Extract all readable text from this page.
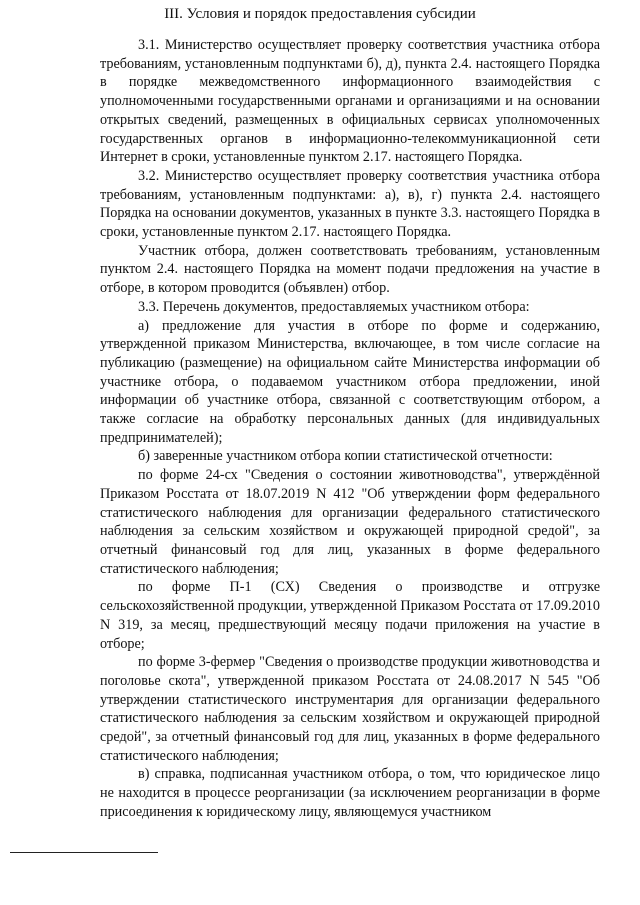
III. Условия и порядок предоставления субсидии

3.1. Министерство осуществляет проверку соответствия участника отбора требованиям, установленным подпунктами б), д), пункта 2.4. настоящего Порядка в порядке межведомственного информационного взаимодействия с уполномоченными государственными органами и организациями и на основании открытых сведений, размещенных в официальных сервисах уполномоченных государственных органов в информационно-телекоммуникационной сети Интернет в сроки, установленные пунктом 2.17. настоящего Порядка.

3.2. Министерство осуществляет проверку соответствия участника отбора требованиям, установленным подпунктами: а), в), г) пункта 2.4. настоящего Порядка на основании документов, указанных в пункте 3.3. настоящего Порядка в сроки, установленные пунктом 2.17. настоящего Порядка.

Участник отбора, должен соответствовать требованиям, установленным пунктом 2.4. настоящего Порядка на момент подачи предложения на участие в отборе, в котором проводится (объявлен) отбор.

3.3. Перечень документов, предоставляемых участником отбора:

а) предложение для участия в отборе по форме и содержанию, утвержденной приказом Министерства, включающее, в том числе согласие на публикацию (размещение) на официальном сайте Министерства информации об участнике отбора, о подаваемом участником отбора предложении, иной информации об участнике отбора, связанной с соответствующим отбором, а также согласие на обработку персональных данных (для индивидуальных предпринимателей);

б) заверенные участником отбора копии статистической отчетности:

по форме 24-сх "Сведения о состоянии животноводства", утверждённой Приказом Росстата от 18.07.2019 N 412 "Об утверждении форм федерального статистического наблюдения для организации федерального статистического наблюдения за сельским хозяйством и окружающей природной средой", за отчетный финансовый год для лиц, указанных в форме федерального статистического наблюдения;

по форме П-1 (СХ) Сведения о производстве и отгрузке сельскохозяйственной продукции, утвержденной Приказом Росстата от 17.09.2010 N 319, за месяц, предшествующий месяцу подачи приложения на участие в отборе;

по форме 3-фермер "Сведения о производстве продукции животноводства и поголовье скота", утвержденной приказом Росстата от 24.08.2017 N 545 "Об утверждении статистического инструментария для организации федерального статистического наблюдения за сельским хозяйством и окружающей природной средой", за отчетный финансовый год для лиц, указанных в форме федерального статистического наблюдения;

в) справка, подписанная участником отбора, о том, что юридическое лицо не находится в процессе реорганизации (за исключением реорганизации в форме присоединения к юридическому лицу, являющемуся участником
